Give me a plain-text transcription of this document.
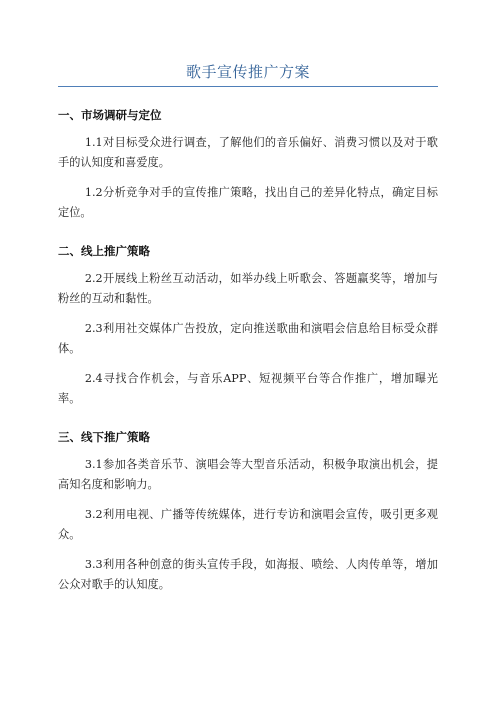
歌手宣传推广方案
一、市场调研与定位

1.1对目标受众进行调查，了解他们的音乐偏好、消费习惯以及对于歌手的认知度和喜爱度。

1.2分析竞争对手的宣传推广策略，找出自己的差异化特点，确定目标定位。

二、线上推广策略

2.2开展线上粉丝互动活动，如举办线上听歌会、答题赢奖等，增加与粉丝的互动和黏性。

2.3利用社交媒体广告投放，定向推送歌曲和演唱会信息给目标受众群体。

2.4寻找合作机会，与音乐APP、短视频平台等合作推广，增加曝光率。

三、线下推广策略

3.1参加各类音乐节、演唱会等大型音乐活动，积极争取演出机会，提高知名度和影响力。

3.2利用电视、广播等传统媒体，进行专访和演唱会宣传，吸引更多观众。

3.3利用各种创意的街头宣传手段，如海报、喷绘、人肉传单等，增加公众对歌手的认知度。
